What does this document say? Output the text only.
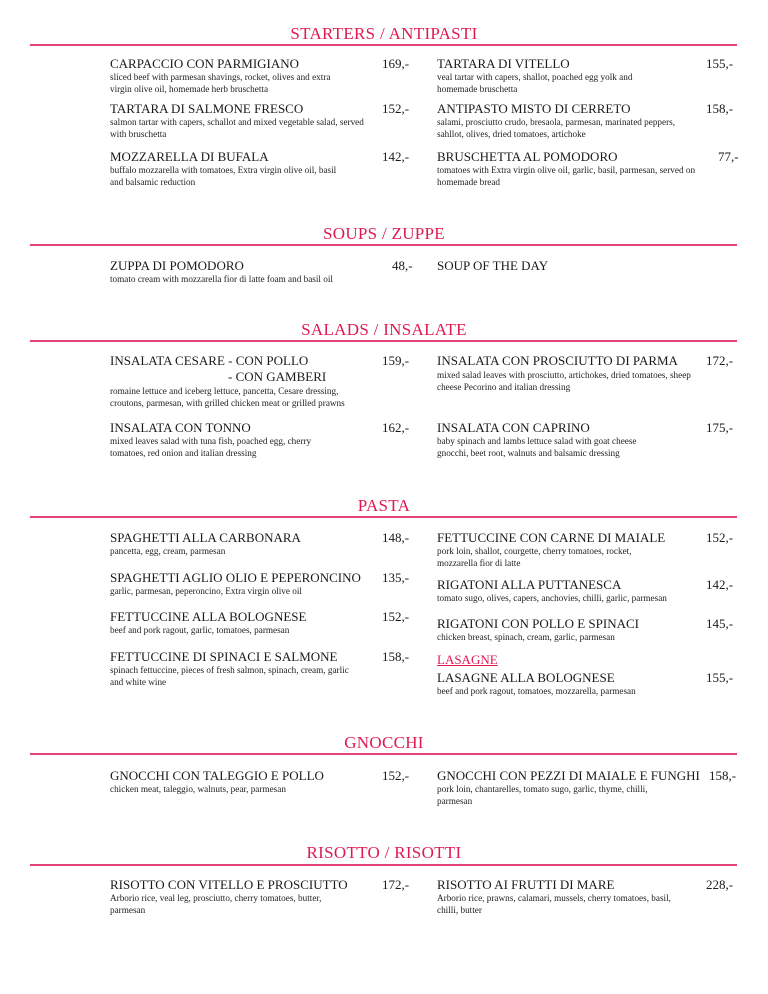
STARTERS / ANTIPASTI
CARPACCIO CON PARMIGIANO	169,-
sliced beef with parmesan shavings, rocket, olives and extra virgin olive oil, homemade herb bruschetta
TARTARA DI VITELLO	155,-
veal tartar with capers, shallot, poached egg yolk and homemade bruschetta
TARTARA DI SALMONE FRESCO	152,-
salmon tartar with capers, schallot and mixed vegetable salad, served with bruschetta
ANTIPASTO MISTO DI CERRETO	158,-
salami, prosciutto crudo, bresaola, parmesan, marinated peppers, sahllot, olives, dried tomatoes, artichoke
MOZZARELLA DI BUFALA	142,-
buffalo mozzarella with tomatoes, Extra virgin olive oil, basil and balsamic reduction
BRUSCHETTA AL POMODORO	77,-
tomatoes with Extra virgin olive oil, garlic, basil, parmesan, served on homemade bread
SOUPS / ZUPPE
ZUPPA DI POMODORO	48,-
tomato cream with mozzarella fior di latte foam and basil oil
SOUP OF THE DAY
SALADS / INSALATE
INSALATA CESARE - CON POLLO
- CON GAMBERI
159,-
romaine lettuce and iceberg lettuce, pancetta, Cesare dressing, croutons, parmesan, with grilled chicken meat or grilled prawns
INSALATA CON PROSCIUTTO DI PARMA 172,-
mixed salad leaves with prosciutto, artichokes, dried tomatoes, sheep cheese Pecorino and italian dressing
INSALATA CON TONNO	162,-
mixed leaves salad with tuna fish, poached egg, cherry tomatoes, red onion and italian dressing
INSALATA CON CAPRINO	175,-
baby spinach and lambs lettuce salad with goat cheese gnocchi, beet root, walnuts and balsamic dressing
PASTA
SPAGHETTI ALLA CARBONARA	148,-
pancetta, egg, cream, parmesan
FETTUCCINE CON CARNE DI MAIALE	152,-
pork loin, shallot, courgette, cherry tomatoes, rocket, mozzarella fior di latte
SPAGHETTI AGLIO OLIO E PEPERONCINO 135,-
garlic, parmesan, peperoncino, Extra virgin olive oil	RIGATONI ALLA PUTTANESCA	142,-
tomato sugo, olives, capers, anchovies, chilli, garlic, parmesan
FETTUCCINE ALLA BOLOGNESE	152,-
beef and pork ragout, garlic, tomatoes, parmesan	RIGATONI CON POLLO E SPINACI	145,-
chicken breast, spinach, cream, garlic, parmesan
FETTUCCINE DI SPINACI E SALMONE	158,-
spinach fettuccine, pieces of fresh salmon, spinach, cream, garlic and white wine
LASAGNE
LASAGNE ALLA BOLOGNESE	155,-
beef and pork ragout, tomatoes, mozzarella, parmesan
GNOCCHI
GNOCCHI CON TALEGGIO E POLLO	152,-
chicken meat, taleggio, walnuts, pear, parmesan
GNOCCHI CON PEZZI DI MAIALE E FUNGHI 158,-
pork loin, chantarelles, tomato sugo, garlic, thyme, chilli, parmesan
RISOTTO / RISOTTI
RISOTTO CON VITELLO E PROSCIUTTO	172,-
Arborio rice, veal leg, prosciutto, cherry tomatoes, butter, parmesan
RISOTTO AI FRUTTI DI MARE	228,-
Arborio rice, prawns, calamari, mussels, cherry tomatoes, basil, chilli, butter
